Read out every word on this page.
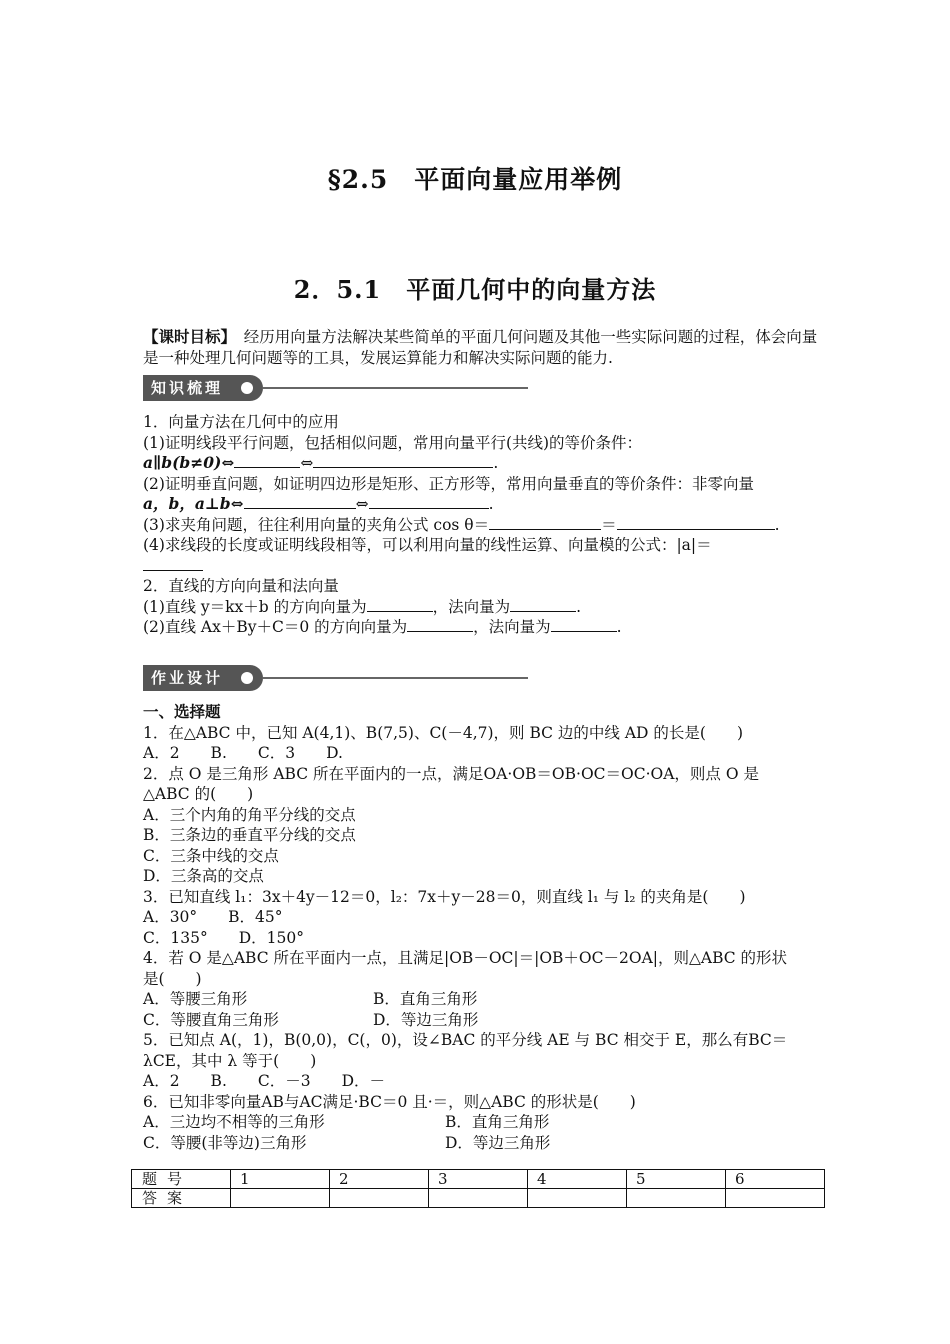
§2.5　平面向量应用举例
2．5.1　平面几何中的向量方法
【课时目标】　 经历用向量方法解决某些简单的平面几何问题及其他一些实际问题的过程，体会向量是一种处理几何问题等的工具，发展运算能力和解决实际问题的能力.
知识梳理
1．向量方法在几何中的应用
(1)证明线段平行问题，包括相似问题，常用向量平行(共线)的等价条件：
a∥b(b≠0)⇔	⇔	.
(2)证明垂直问题，如证明四边形是矩形、正方形等，常用向量垂直的等价条件：非零向量
a，b，a⊥b⇔	⇔	.
(3)求夹角问题，往往利用向量的夹角公式 cos θ＝	＝	.
(4)求线段的长度或证明线段相等，可以利用向量的线性运算、向量模的公式：|a|＝
2．直线的方向向量和法向量
(1)直线 y＝kx＋b 的方向向量为	，法向量为	.
(2)直线 Ax＋By＋C＝0 的方向向量为	，法向量为	.
作业设计
一、选择题
1．在△ABC 中，已知 A(4,1)、B(7,5)、C(－4,7)，则 BC 边的中线 AD 的长是(　　)
A．2　　B.　　C．3　　D.
2．点 O 是三角形 ABC 所在平面内的一点，满足OA·OB＝OB·OC＝OC·OA，则点 O 是
△ABC 的(　　)
A．三个内角的角平分线的交点
B．三条边的垂直平分线的交点
C．三条中线的交点
D．三条高的交点
3．已知直线 l₁：3x＋4y－12＝0，l₂：7x＋y－28＝0，则直线 l₁ 与 l₂ 的夹角是(　　)
A．30°　　B．45°
C．135°　　D．150°
4．若 O 是△ABC 所在平面内一点，且满足|OB－OC|＝|OB＋OC－2OA|，则△ABC 的形状
是(　　)
A．等腰三角形	B．直角三角形
C．等腰直角三角形	D．等边三角形
5．已知点 A(，1)，B(0,0)，C(，0)，设∠BAC 的平分线 AE 与 BC 相交于 E，那么有BC＝
λCE，其中 λ 等于(　　)
A．2　　B.　　C．－3　　D．－
6．已知非零向量AB与AC满足·BC＝0 且·＝，则△ABC 的形状是(　　)
A．三边均不相等的三角形	B．直角三角形
C．等腰(非等边)三角形	D．等边三角形
题号	1	2	3	4	5	6
答案						
